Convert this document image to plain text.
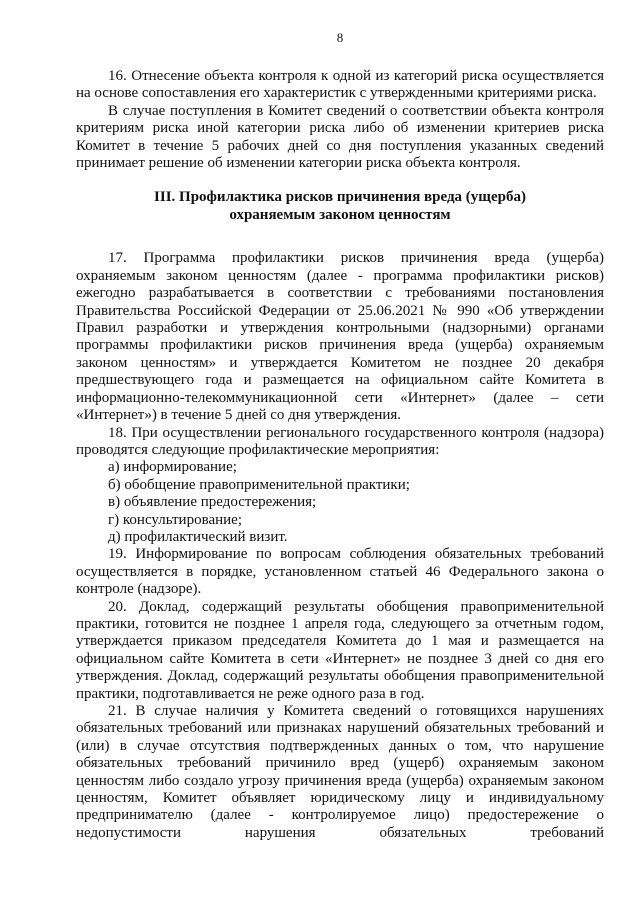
8

16. Отнесение объекта контроля к одной из категорий риска осуществляется на основе сопоставления его характеристик с утвержденными критериями риска.

В случае поступления в Комитет сведений о соответствии объекта контроля критериям риска иной категории риска либо об изменении критериев риска Комитет в течение 5 рабочих дней со дня поступления указанных сведений принимает решение об изменении категории риска объекта контроля.

III. Профилактика рисков причинения вреда (ущерба)
охраняемым законом ценностям

17. Программа профилактики рисков причинения вреда (ущерба) охраняемым законом ценностям (далее - программа профилактики рисков) ежегодно разрабатывается в соответствии с требованиями постановления Правительства Российской Федерации от 25.06.2021 № 990 «Об утверждении Правил разработки и утверждения контрольными (надзорными) органами программы профилактики рисков причинения вреда (ущерба) охраняемым законом ценностям» и утверждается Комитетом не позднее 20 декабря предшествующего года и размещается на официальном сайте Комитета в информационно-телекоммуникационной сети «Интернет» (далее – сети «Интернет») в течение 5 дней со дня утверждения.

18. При осуществлении регионального государственного контроля (надзора) проводятся следующие профилактические мероприятия:

а) информирование;

б) обобщение правоприменительной практики;

в) объявление предостережения;

г) консультирование;

д) профилактический визит.

19. Информирование по вопросам соблюдения обязательных требований осуществляется в порядке, установленном статьей 46 Федерального закона о контроле (надзоре).

20. Доклад, содержащий результаты обобщения правоприменительной практики, готовится не позднее 1 апреля года, следующего за отчетным годом, утверждается приказом председателя Комитета до 1 мая и размещается на официальном сайте Комитета в сети «Интернет» не позднее 3 дней со дня его утверждения. Доклад, содержащий результаты обобщения правоприменительной практики, подготавливается не реже одного раза в год.

21. В случае наличия у Комитета сведений о готовящихся нарушениях обязательных требований или признаках нарушений обязательных требований и (или) в случае отсутствия подтвержденных данных о том, что нарушение обязательных требований причинило вред (ущерб) охраняемым законом ценностям либо создало угрозу причинения вреда (ущерба) охраняемым законом ценностям, Комитет объявляет юридическому лицу и индивидуальному предпринимателю (далее - контролируемое лицо) предостережение о недопустимости нарушения обязательных требований
